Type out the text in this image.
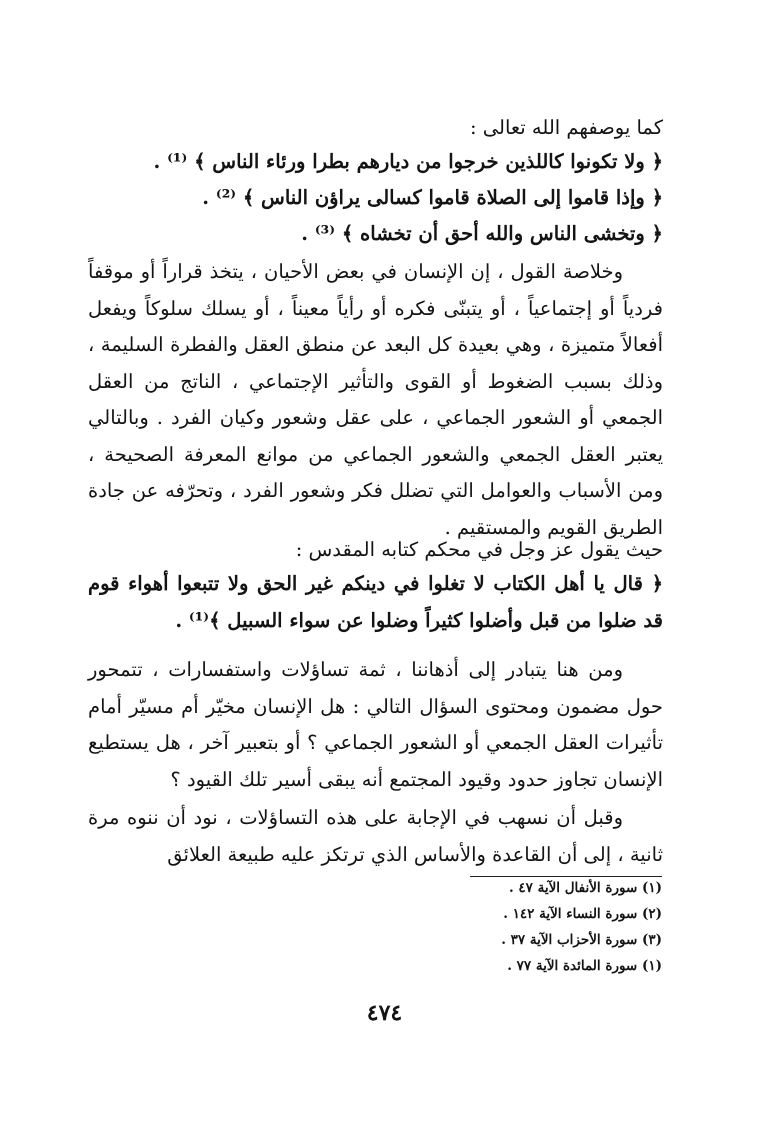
كما يوصفهم الله تعالى :
﴿ ولا تكونوا كاللذين خرجوا من ديارهم بطرا ورئاء الناس ﴾ ⁽¹⁾ .
﴿ وإذا قاموا إلى الصلاة قاموا كسالى يراؤن الناس ﴾ ⁽²⁾ .
﴿ وتخشى الناس والله أحق أن تخشاه ﴾ ⁽³⁾ .
وخلاصة القول ، إن الإنسان في بعض الأحيان ، يتخذ قراراً أو موقفاً فردياً أو إجتماعياً ، أو يتبنّى فكره أو رأياً معيناً ، أو يسلك سلوكاً ويفعل أفعالاً متميزة ، وهي بعيدة كل البعد عن منطق العقل والفطرة السليمة ، وذلك بسبب الضغوط أو القوى والتأثير الإجتماعي ، الناتج من العقل الجمعي أو الشعور الجماعي ، على عقل وشعور وكيان الفرد . وبالتالي يعتبر العقل الجمعي والشعور الجماعي من موانع المعرفة الصحيحة ، ومن الأسباب والعوامل التي تضلل فكر وشعور الفرد ، وتحرّفه عن جادة الطريق القويم والمستقيم .
حيث يقول عز وجل في محكم كتابه المقدس :
﴿ قال يا أهل الكتاب لا تغلوا في دينكم غير الحق ولا تتبعوا أهواء قوم قد ضلوا من قبل وأضلوا كثيراً وضلوا عن سواء السبيل ﴾⁽¹⁾ .
ومن هنا يتبادر إلى أذهاننا ، ثمة تساؤلات واستفسارات ، تتمحور حول مضمون ومحتوى السؤال التالي : هل الإنسان مخيّر أم مسيّر أمام تأثيرات العقل الجمعي أو الشعور الجماعي ؟ أو بتعبير آخر ، هل يستطيع الإنسان تجاوز حدود وقيود المجتمع أنه يبقى أسير تلك القيود ؟
وقبل أن نسهب في الإجابة على هذه التساؤلات ، نود أن ننوه مرة ثانية ، إلى أن القاعدة والأساس الذي ترتكز عليه طبيعة العلائق
(١) سورة الأنفال الآية ٤٧ .
(٢) سورة النساء الآية ١٤٢ .
(٣) سورة الأحزاب الآية ٣٧ .
(١) سورة المائدة الآية ٧٧ .
٤٧٤
